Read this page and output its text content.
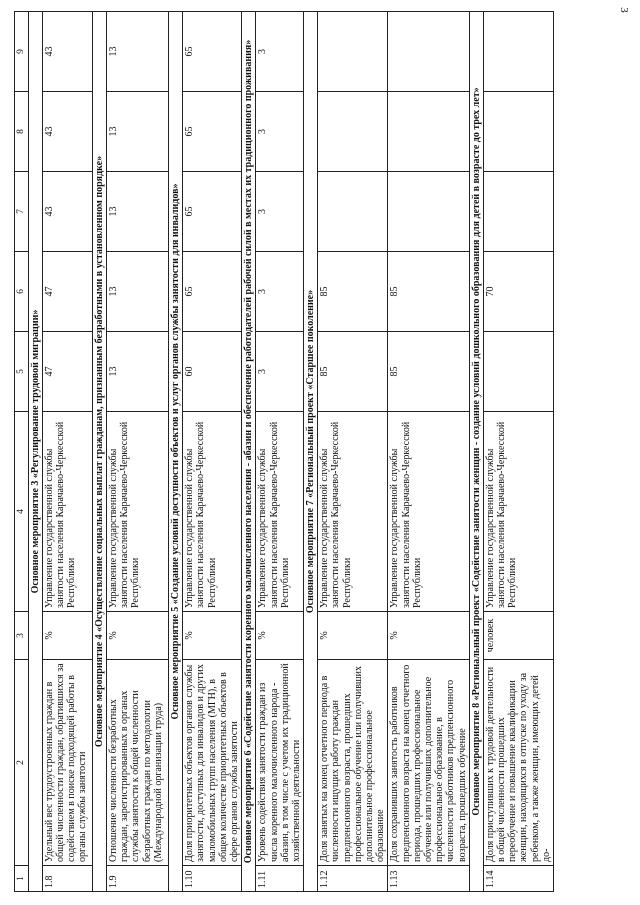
3
1	2	3	4	5	6	7	8	9
Основное мероприятие 3 «Регулирование трудовой миграции»								
1.8	Удельный вес трудоустроенных граждан в общей численности граждан, обратившихся за содействием в поиске подходящей работы в органы службы занятости	%	Управление государственной службы занятости населения Карачаево-Черкесской Республики	47	47	43	43	43
Основное мероприятие 4 «Осуществление социальных выплат гражданам, признанным безработными в установленном порядке»								
1.9	Отношение численности безработных граждан, зарегистрированных в органах службы занятости к общей численности безработных граждан по методологии (Международной организации труда)	%	Управление государственной службы занятости населения Карачаево-Черкесской Республики	13	13	13	13	13
Основное мероприятие 5 «Создание условий доступности объектов и услуг органов службы занятости для инвалидов»								
1.10	Доля приоритетных объектов органов службы занятости, доступных для инвалидов и других маломобильных групп населения (МГН), в общем количестве приоритетных объектов в сфере органов службы занятости	%	Управление государственной службы занятости населения Карачаево-Черкесской Республики	60	65	65	65	65
Основное мероприятие 6 «Содействие занятости коренного малочисленного населения - абазин и обеспечение работодателей рабочей силой в местах их традиционного проживания»								
1.11	Уровень содействия занятости граждан из числа коренного малочисленного народа - абазин, в том числе с учетом их традиционной хозяйственной деятельности	%	Управление государственной службы занятости населения Карачаево-Черкесской Республики	3	3	3	3	3
Основное мероприятие 7 «Региональный проект «Старшее поколение»								
1.12	Доля занятых на конец отчетного периода в численности ищущих работу граждан предпенсионного возраста, прошедших профессиональное обучение или получивших дополнительное профессиональное образование	%	Управление государственной службы занятости населения Карачаево-Черкесской Республики	85	85			
1.13	Доля сохранивших занятость работников предпенсионного возраста на конец отчетного периода, прошедших профессиональное обучение или получивших дополнительное профессиональное образование, в численности работников предпенсионного возраста, прошедших обучение	%	Управление государственной службы занятости населения Карачаево-Черкесской Республики	85	85			
Основное мероприятие 8 «Региональный проект «Содействие занятости женщин - создание условий дошкольного образования для детей в возрасте до трех лет»								
1.14	Доля приступивших к трудовой деятельности в общей численности прошедших переобучение и повышение квалификации женщин, находящихся в отпуске по уходу за ребенком, а также женщин, имеющих детей до-	человек	Управление государственной службы занятости населения Карачаево-Черкесской Республики		70			
